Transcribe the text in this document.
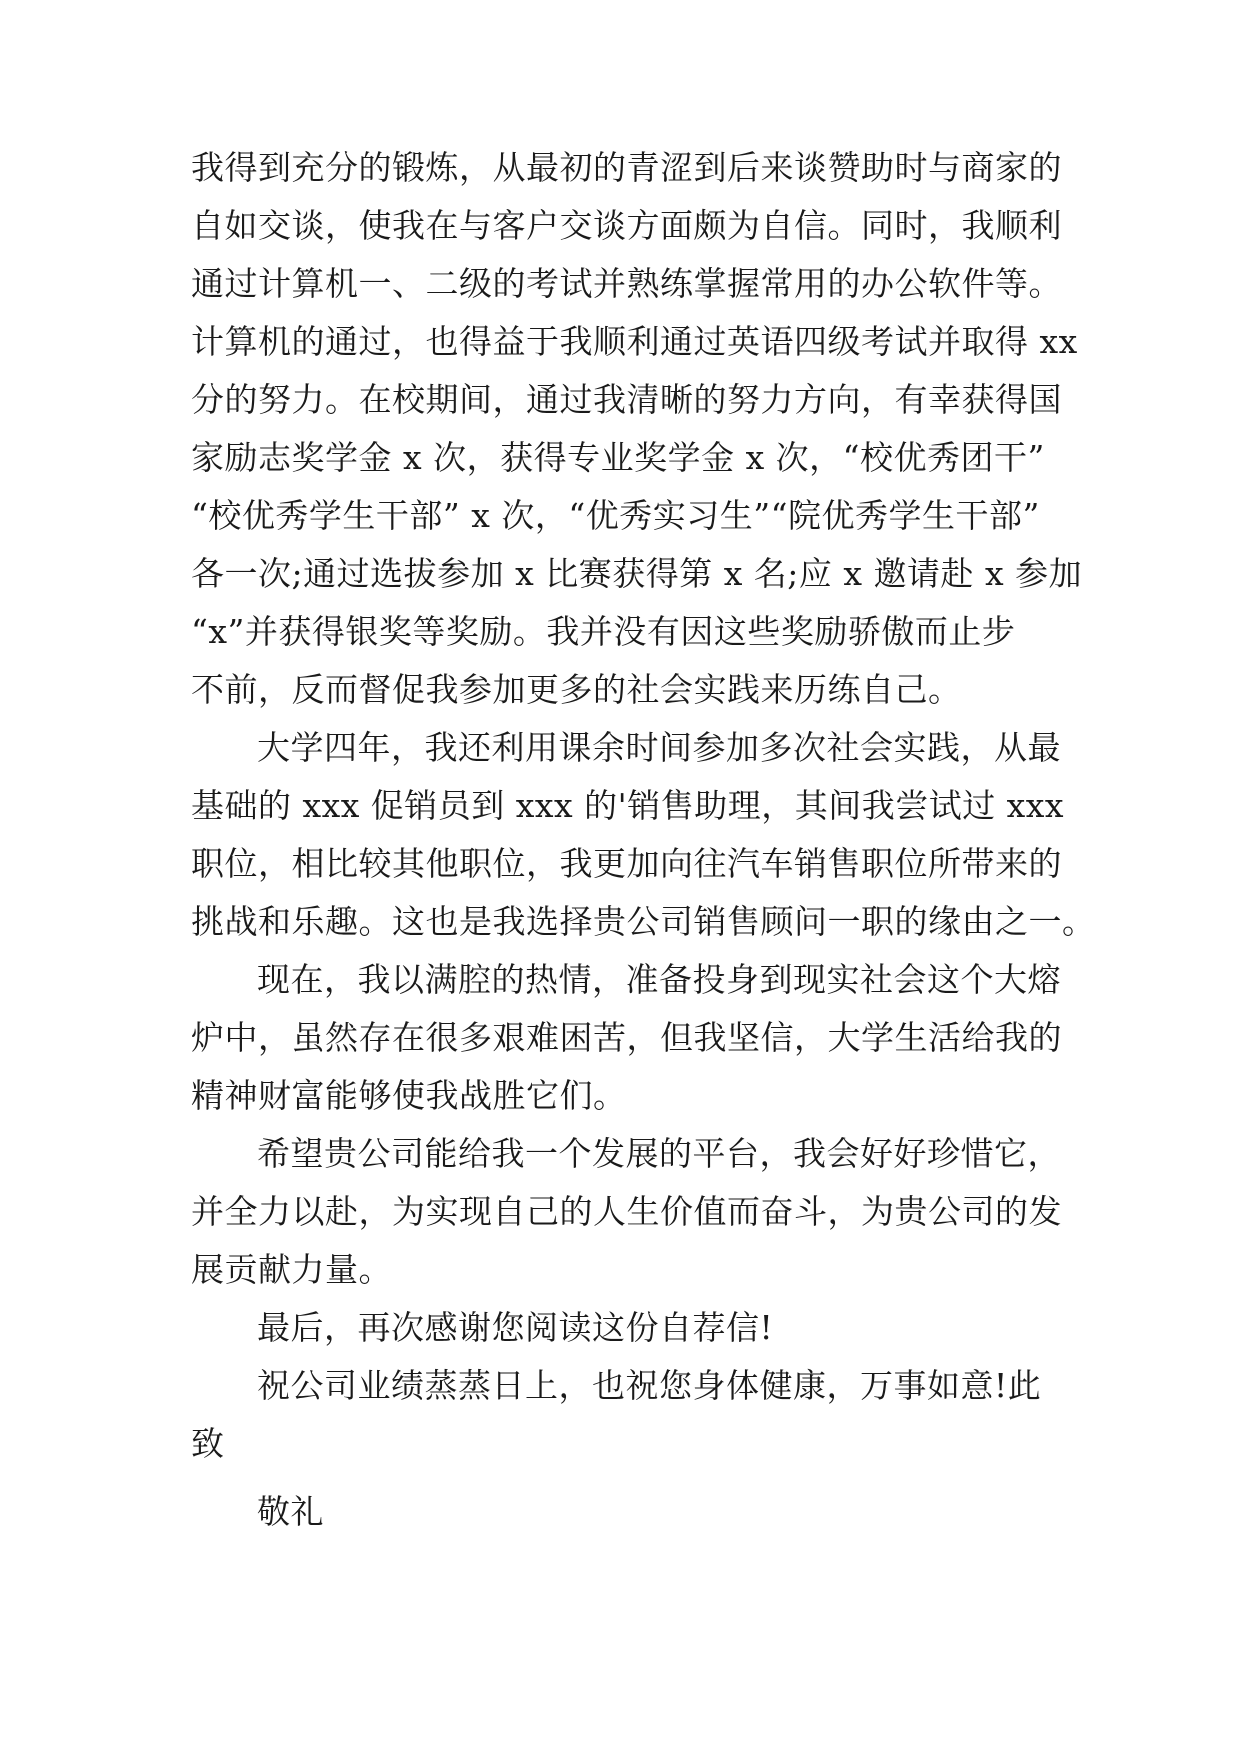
我得到充分的锻炼，从最初的青涩到后来谈赞助时与商家的
自如交谈，使我在与客户交谈方面颇为自信。同时，我顺利
通过计算机一、二级的考试并熟练掌握常用的办公软件等。
计算机的通过，也得益于我顺利通过英语四级考试并取得 xx
分的努力。在校期间，通过我清晰的努力方向，有幸获得国
家励志奖学金 x 次，获得专业奖学金 x 次，“校优秀团干”
“校优秀学生干部” x 次，“优秀实习生”“院优秀学生干部”
各一次;通过选拔参加 x 比赛获得第 x 名;应 x 邀请赴 x 参加
“x”并获得银奖等奖励。我并没有因这些奖励骄傲而止步
不前，反而督促我参加更多的社会实践来历练自己。
大学四年，我还利用课余时间参加多次社会实践，从最
基础的 xxx 促销员到 xxx 的'销售助理，其间我尝试过 xxx
职位，相比较其他职位，我更加向往汽车销售职位所带来的
挑战和乐趣。这也是我选择贵公司销售顾问一职的缘由之一。
现在，我以满腔的热情，准备投身到现实社会这个大熔
炉中，虽然存在很多艰难困苦，但我坚信，大学生活给我的
精神财富能够使我战胜它们。
希望贵公司能给我一个发展的平台，我会好好珍惜它，
并全力以赴，为实现自己的人生价值而奋斗，为贵公司的发
展贡献力量。
最后，再次感谢您阅读这份自荐信!
祝公司业绩蒸蒸日上，也祝您身体健康，万事如意!此
致
敬礼
